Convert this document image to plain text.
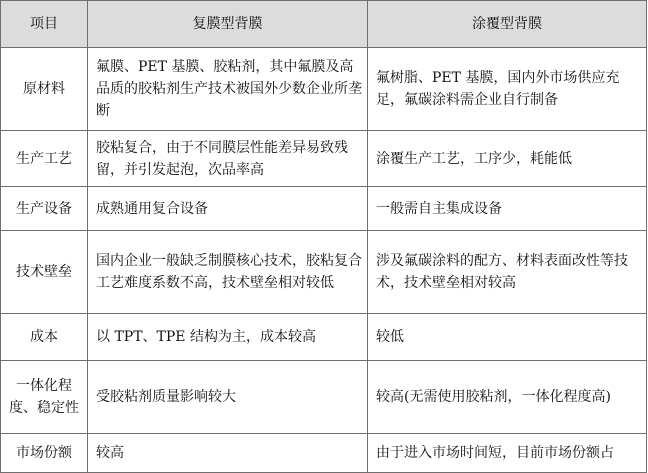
项目	复膜型背膜	涂覆型背膜
原材料	氟膜、PET 基膜、胶粘剂，其中氟膜及高品质的胶粘剂生产技术被国外少数企业所垄断	氟树脂、PET 基膜，国内外市场供应充足，氟碳涂料需企业自行制备
生产工艺	胶粘复合，由于不同膜层性能差异易致残留，并引发起泡，次品率高	涂覆生产工艺，工序少，耗能低
生产设备	成熟通用复合设备	一般需自主集成设备
技术壁垒	国内企业一般缺乏制膜核心技术，胶粘复合工艺难度系数不高，技术壁垒相对较低	涉及氟碳涂料的配方、材料表面改性等技术，技术壁垒相对较高
成本	以 TPT、TPE 结构为主，成本较高	较低
一体化程度、稳定性	受胶粘剂质量影响较大	较高(无需使用胶粘剂，一体化程度高)
市场份额	较高	由于进入市场时间短，目前市场份额占
